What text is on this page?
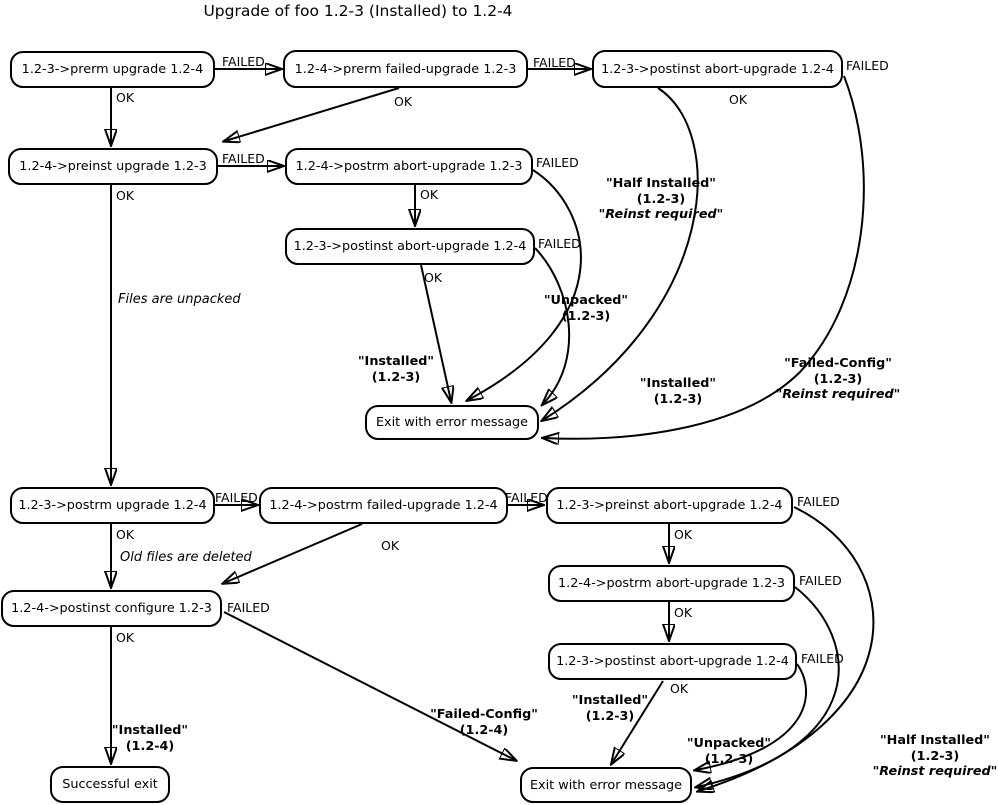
Upgrade of foo 1.2-3 (Installed) to 1.2-4
1.2-3->prerm upgrade 1.2-4	1.2-4->prerm failed-upgrade 1.2-3	1.2-3->postinst abort-upgrade 1.2-4
1.2-4->preinst upgrade 1.2-3	1.2-4->postrm abort-upgrade 1.2-3
1.2-3->postinst abort-upgrade 1.2-4
Exit with error message
1.2-3->postrm upgrade 1.2-4	1.2-4->postrm failed-upgrade 1.2-4	1.2-3->preinst abort-upgrade 1.2-4
1.2-4->postinst configure 1.2-3
1.2-4->postrm abort-upgrade 1.2-3
1.2-3->postinst abort-upgrade 1.2-4
Successful exit	Exit with error message
FAILED	FAILED	FAILED
FAILED	FAILED
FAILED
FAILED	FAILED	FAILED
FAILED
FAILED
FAILED
OK	OK	OK
OK	OK
OK
OK
OK
OK
OK
OK
OK
Files are unpacked
Old files are deleted
"Half Installed"
(1.2-3)
"Reinst required"
"Unpacked"
(1.2-3)
"Installed"
(1.2-3)	"Installed"
(1.2-3)
"Failed-Config"
(1.2-3)
"Reinst required"
"Installed"
(1.2-4)
"Failed-Config"
(1.2-4)
"Installed"
(1.2-3)
"Unpacked"
(1.2-3)
"Half Installed"
(1.2-3)
"Reinst required"
